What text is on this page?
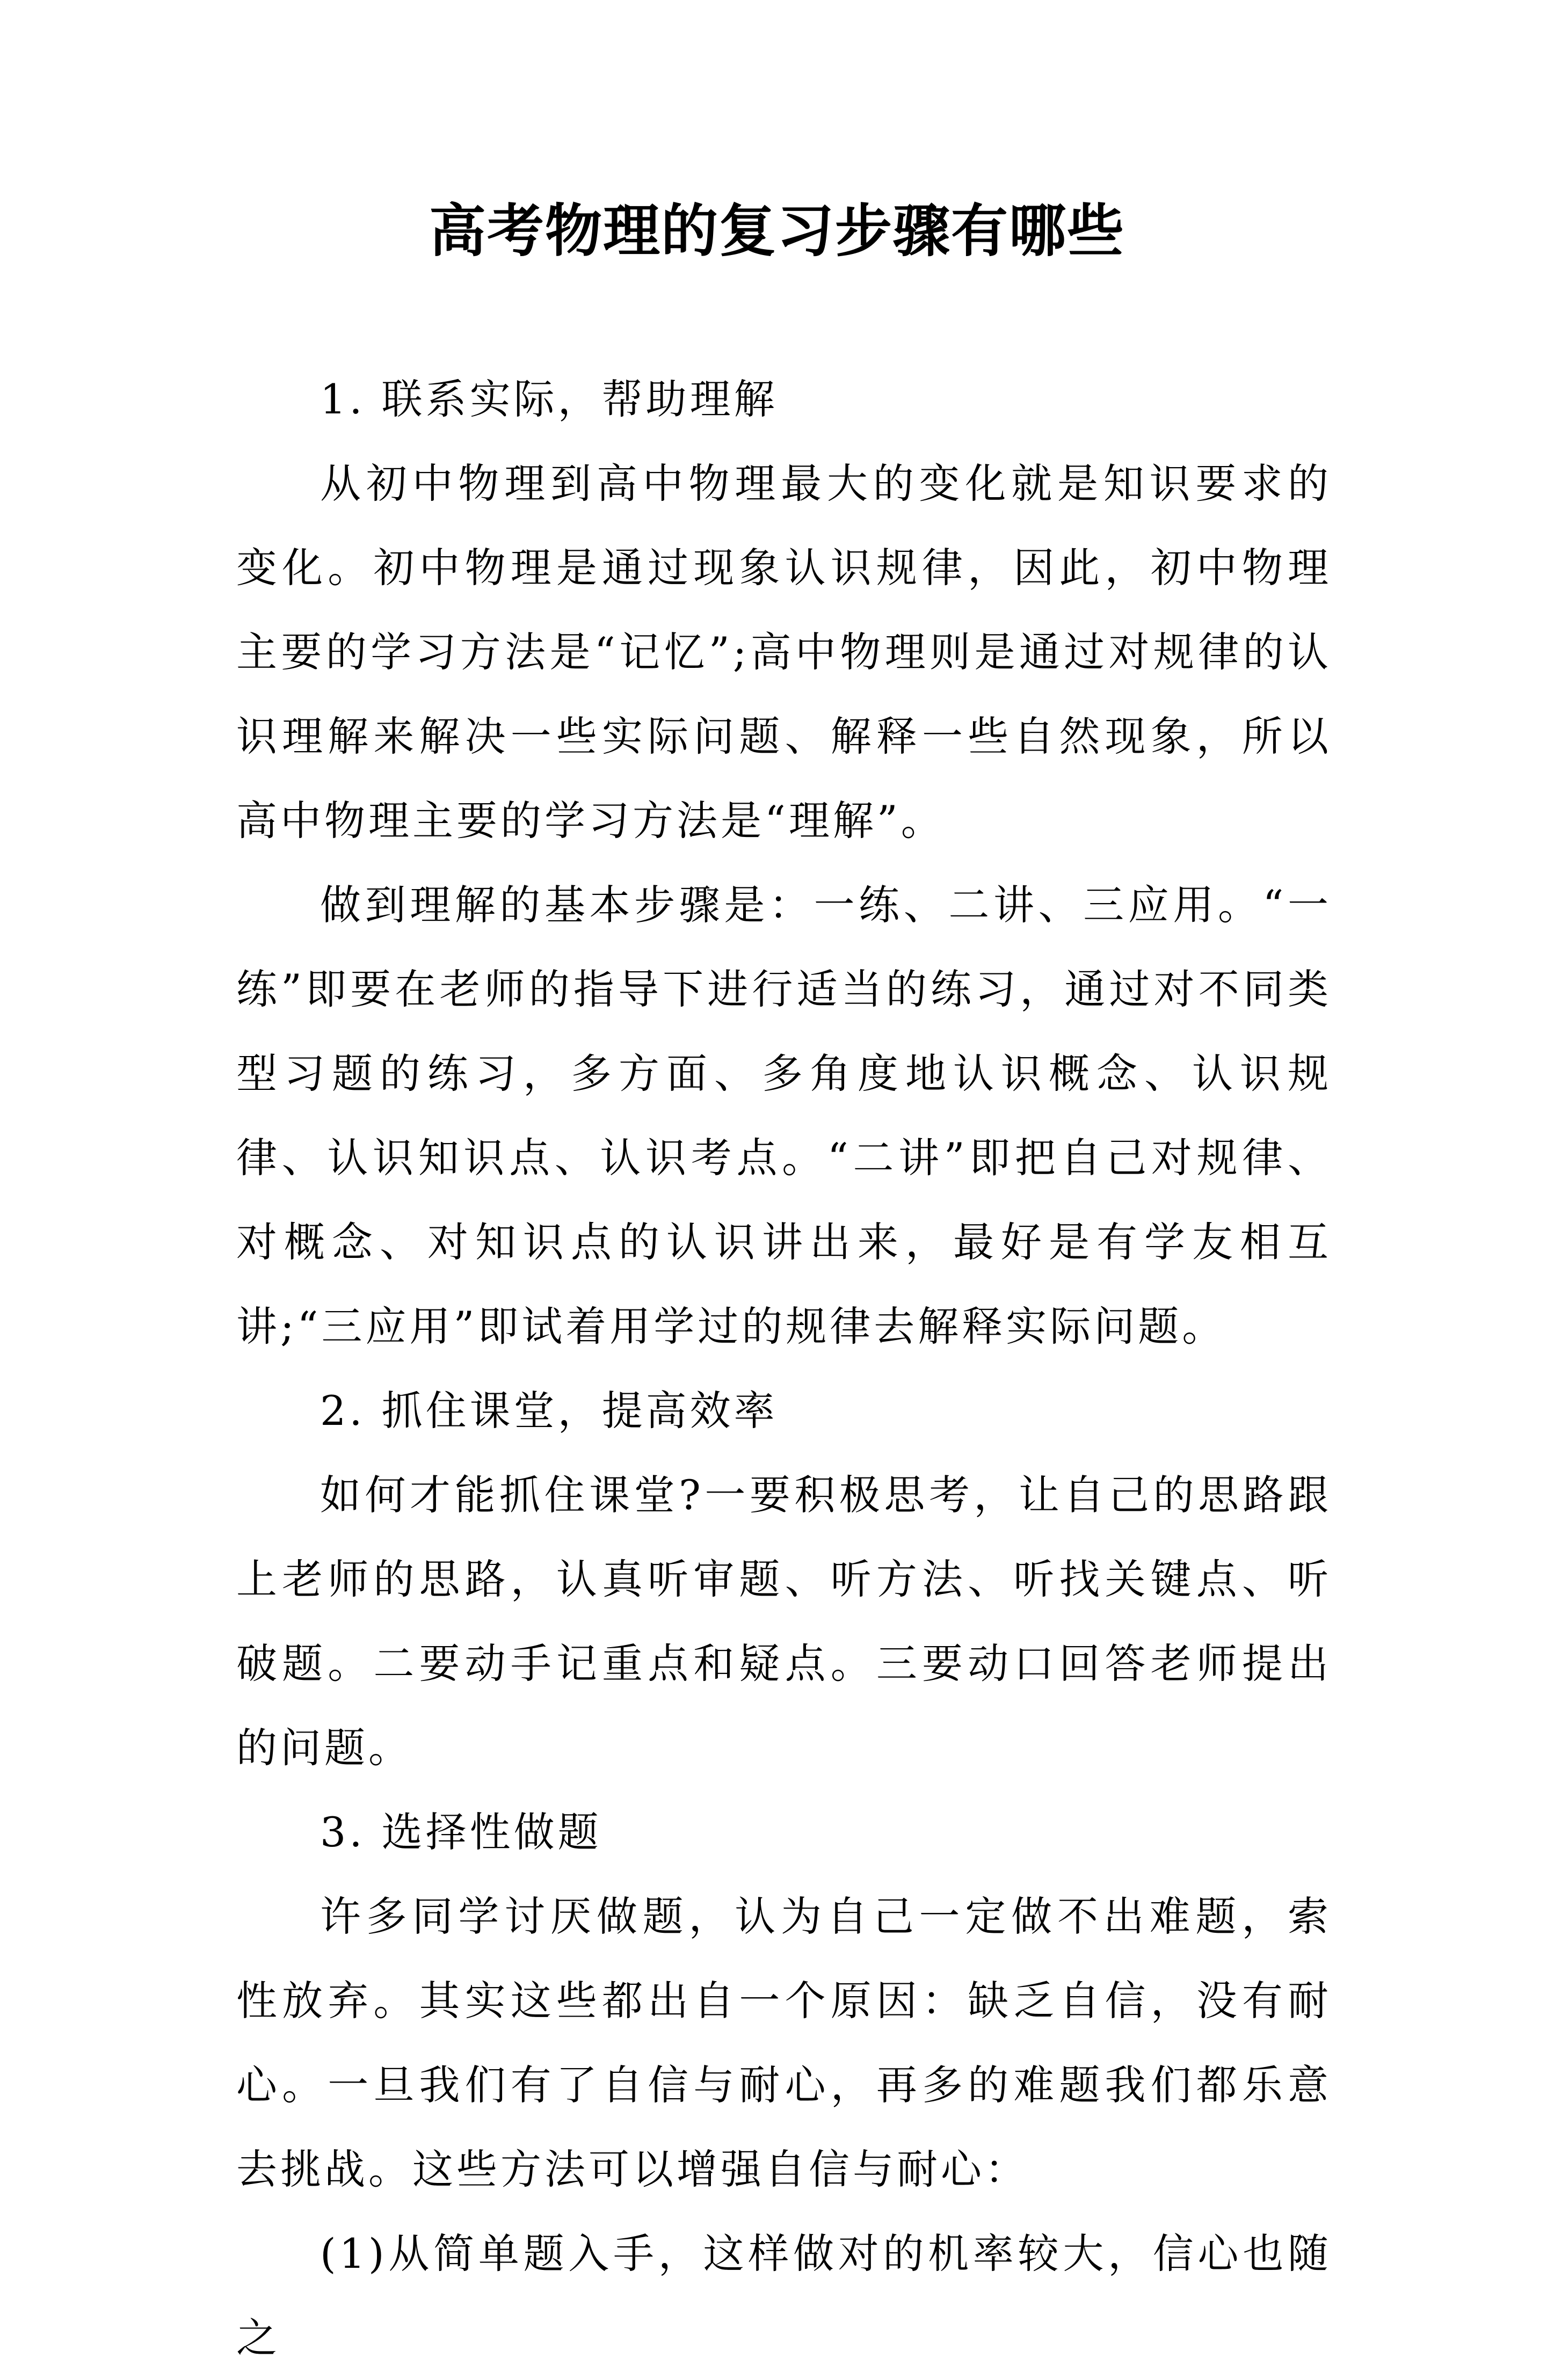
高考物理的复习步骤有哪些

1. 联系实际，帮助理解

从初中物理到高中物理最大的变化就是知识要求的变化。初中物理是通过现象认识规律，因此，初中物理主要的学习方法是“记忆”;高中物理则是通过对规律的认识理解来解决一些实际问题、解释一些自然现象，所以高中物理主要的学习方法是“理解”。

做到理解的基本步骤是：一练、二讲、三应用。“一练”即要在老师的指导下进行适当的练习，通过对不同类型习题的练习，多方面、多角度地认识概念、认识规律、认识知识点、认识考点。“二讲”即把自己对规律、对概念、对知识点的认识讲出来，最好是有学友相互讲;“三应用”即试着用学过的规律去解释实际问题。

2. 抓住课堂，提高效率

如何才能抓住课堂?一要积极思考，让自己的思路跟上老师的思路，认真听审题、听方法、听找关键点、听破题。二要动手记重点和疑点。三要动口回答老师提出的问题。

3. 选择性做题

许多同学讨厌做题，认为自己一定做不出难题，索性放弃。其实这些都出自一个原因：缺乏自信，没有耐心。一旦我们有了自信与耐心，再多的难题我们都乐意去挑战。这些方法可以增强自信与耐心：

(1)从简单题入手，这样做对的机率较大，信心也随之
